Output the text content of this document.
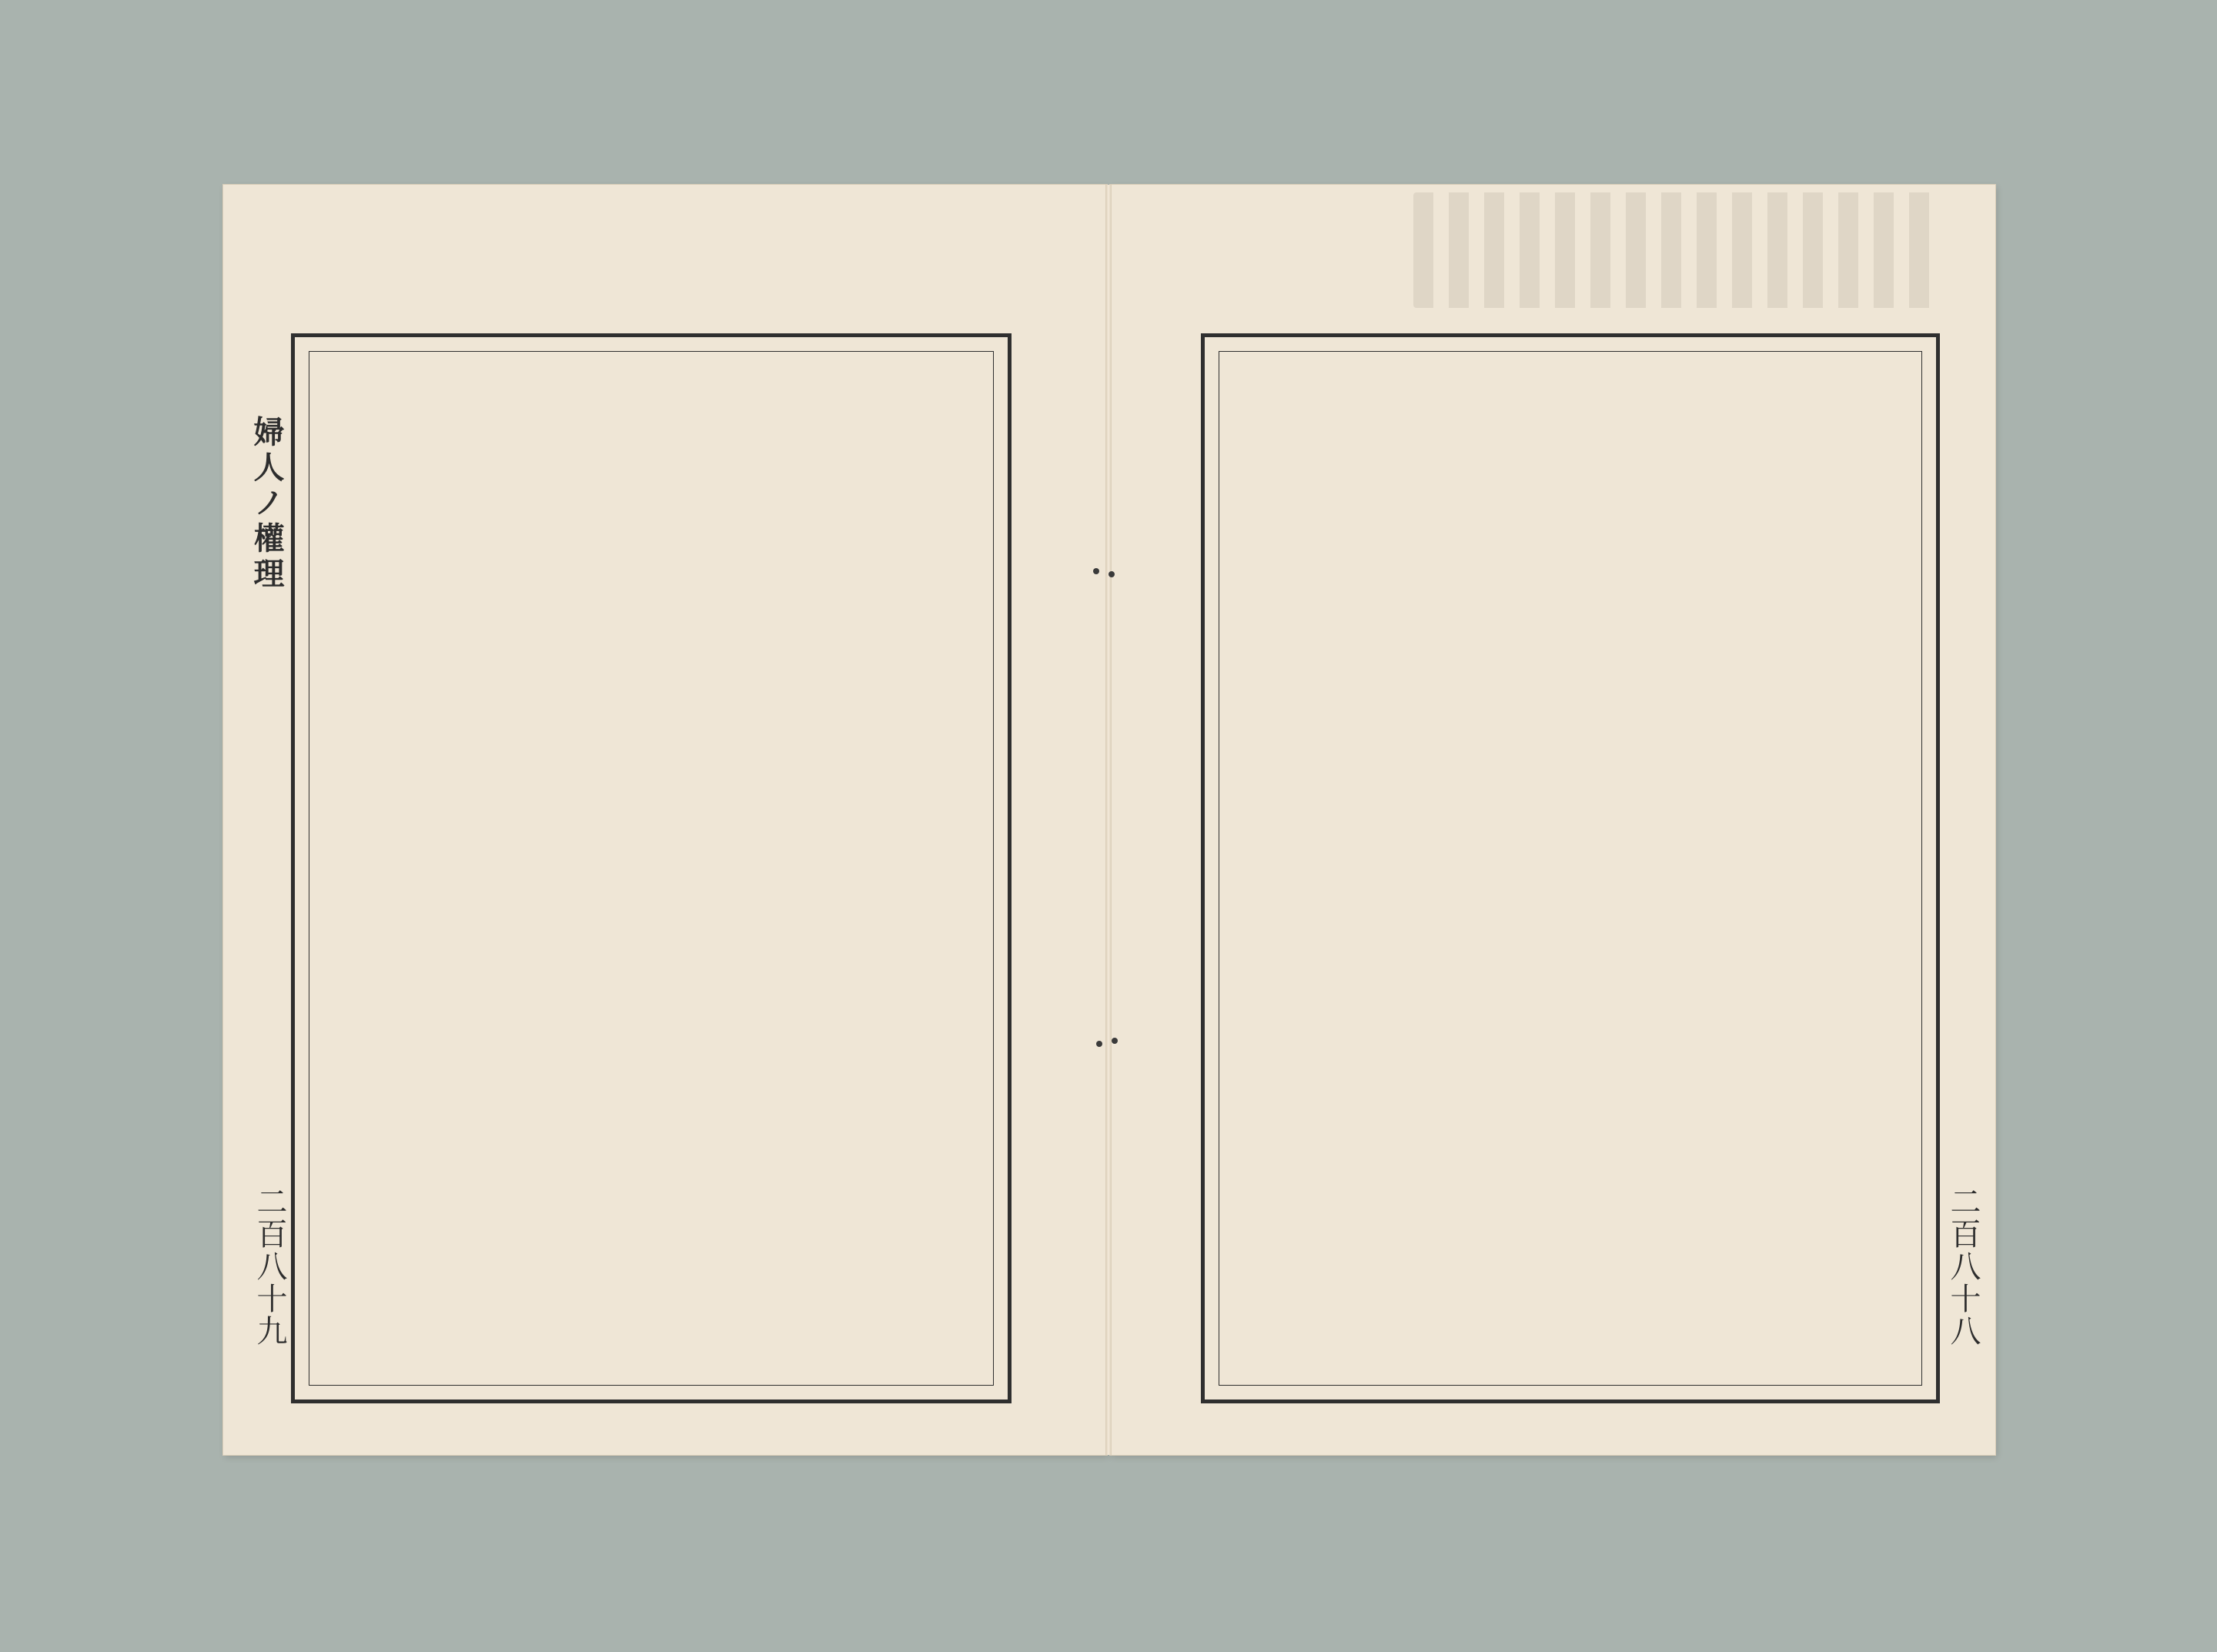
婦人ノ權理
二百八十九	二百八十八
